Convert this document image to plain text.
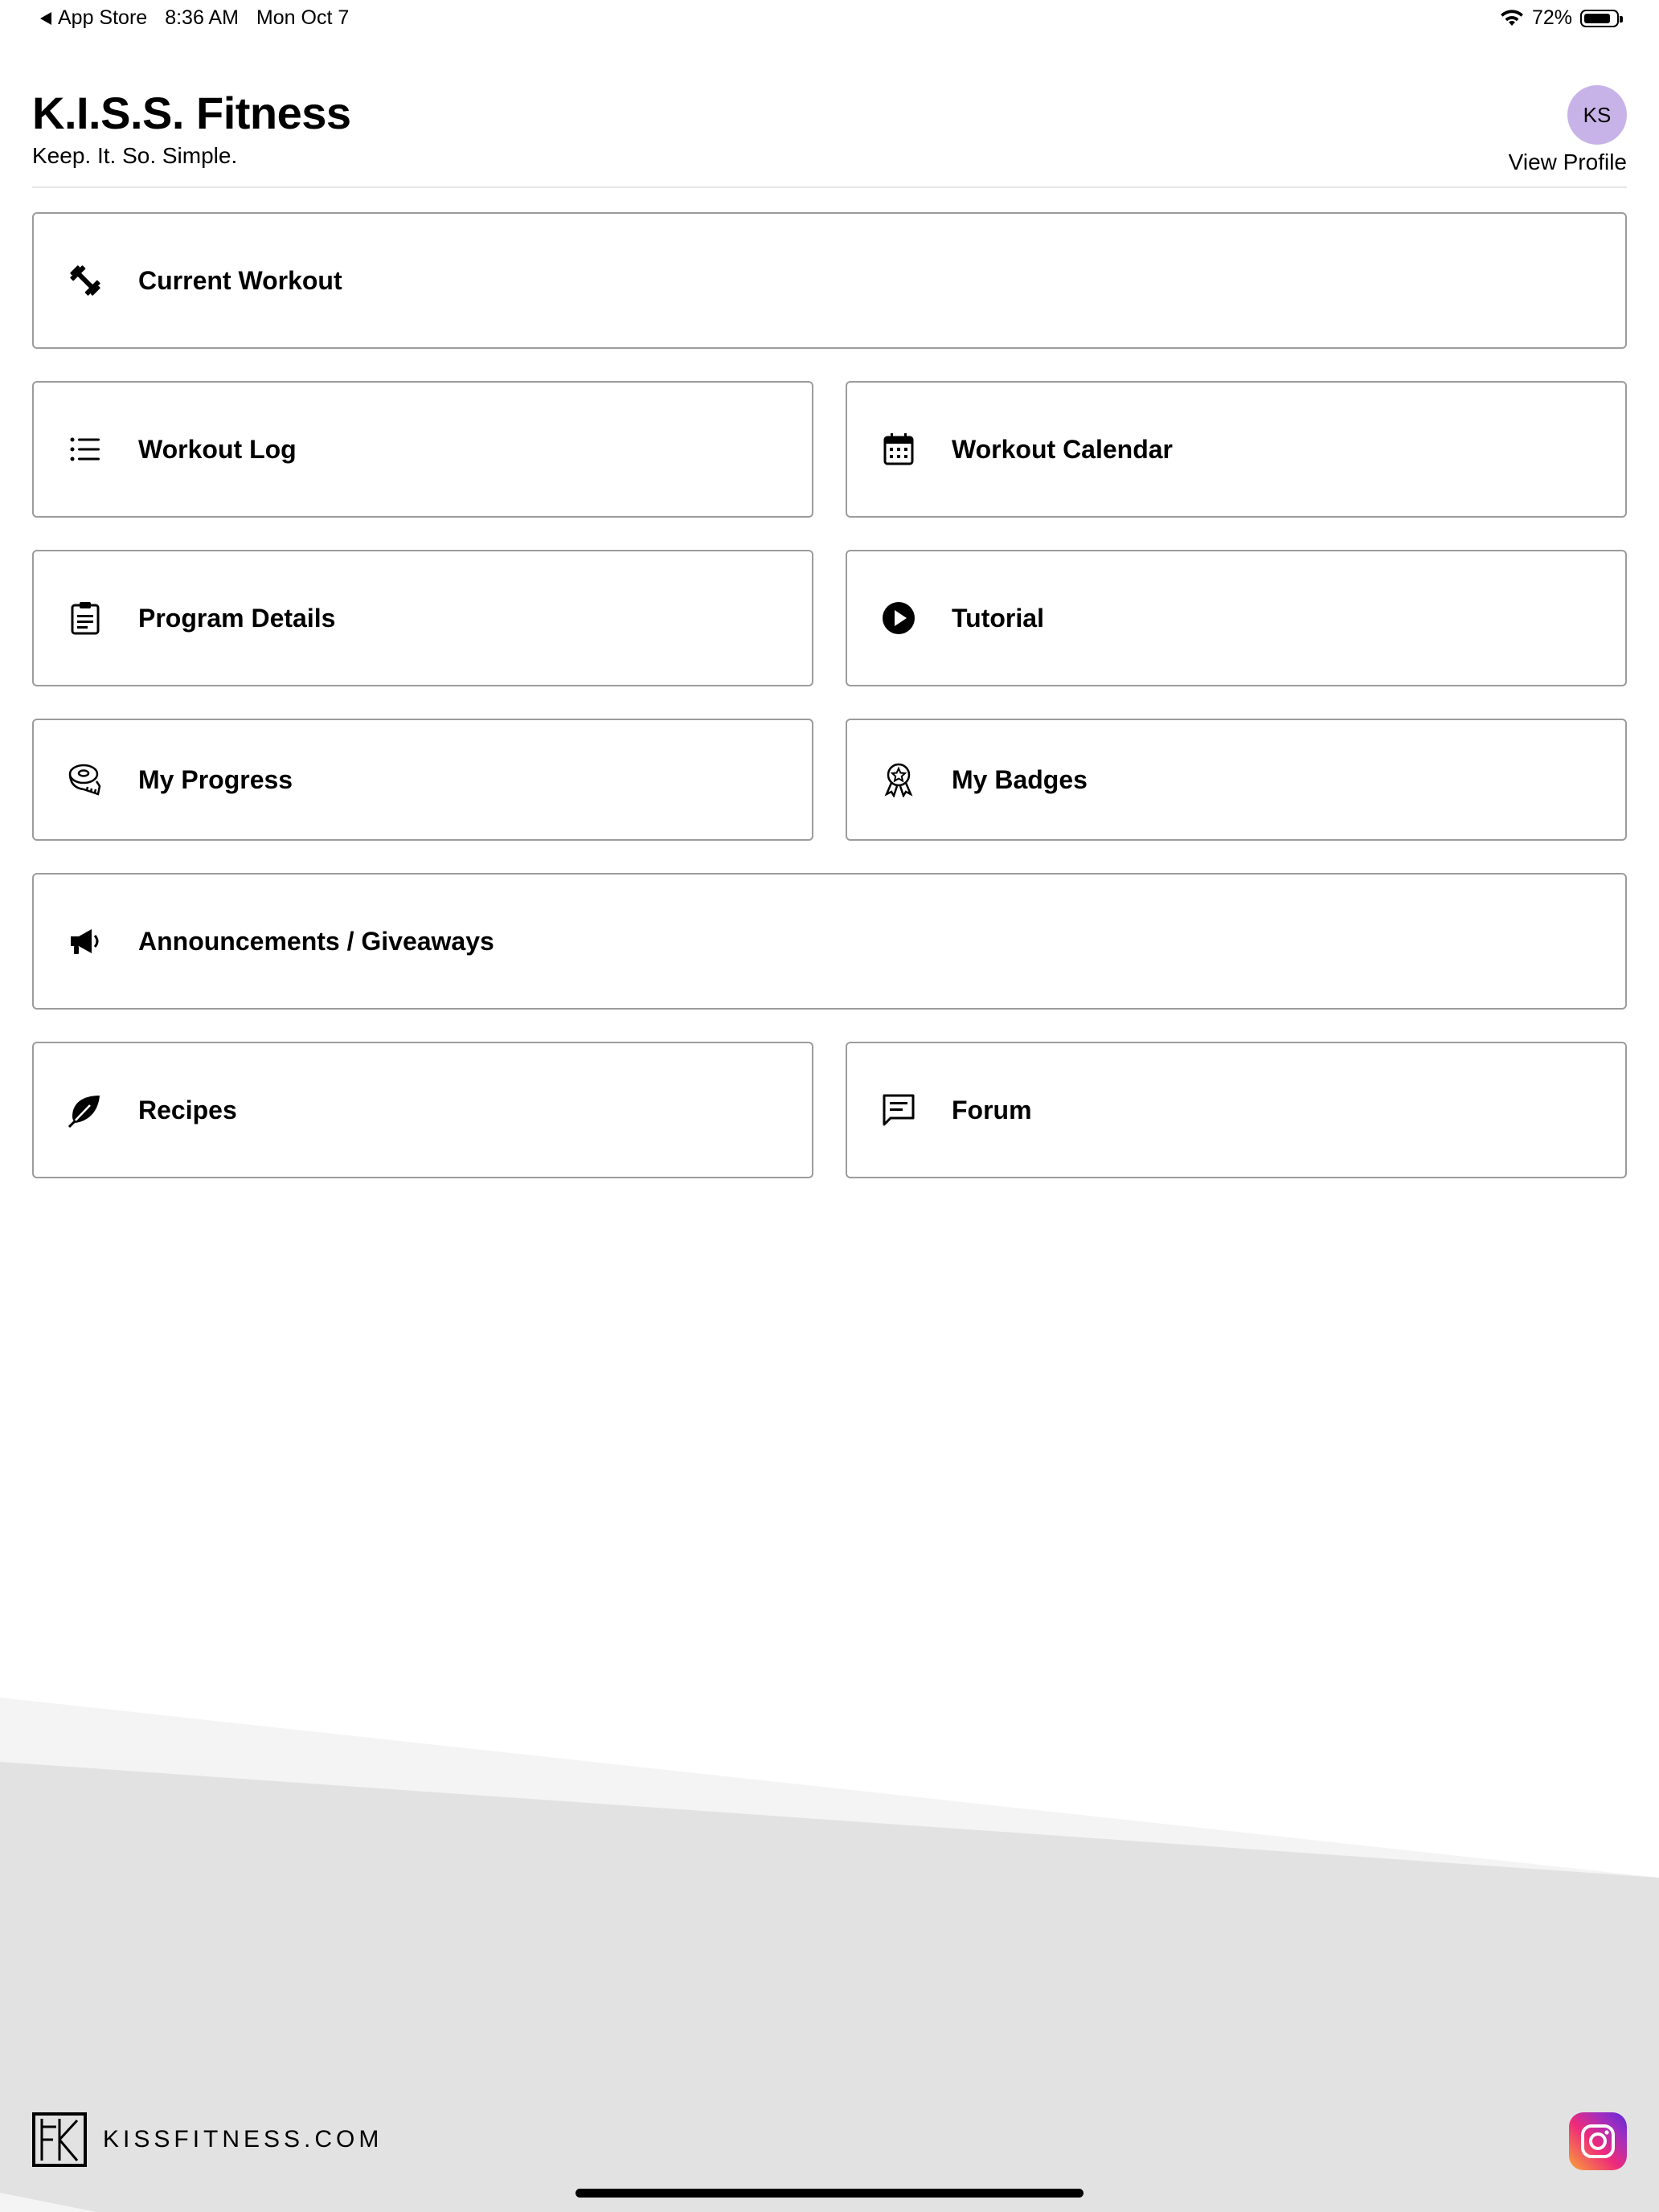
App Store 8:36 AM Mon Oct 7	72%
K.I.S.S. Fitness
Keep. It. So. Simple.
KS
View Profile
Current Workout
Workout Log	Workout Calendar
Program Details	Tutorial
My Progress	My Badges
Announcements / Giveaways
Recipes	Forum
KISSFITNESS.COM
